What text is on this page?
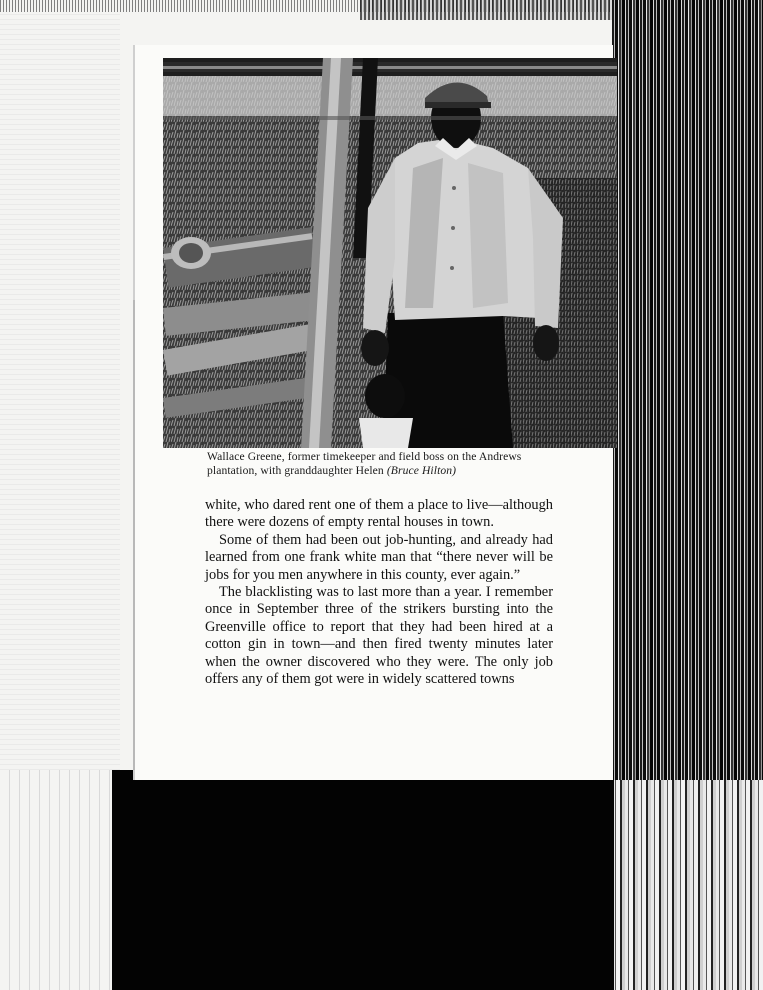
Wallace Greene, former timekeeper and field boss on the Andrews plantation, with granddaughter Helen (Bruce Hilton)

white, who dared rent one of them a place to live—although there were dozens of empty rental houses in town.

Some of them had been out job-hunting, and already had learned from one frank white man that “there never will be jobs for you men anywhere in this county, ever again.”

The blacklisting was to last more than a year. I remember once in September three of the strikers bursting into the Greenville office to report that they had been hired at a cotton gin in town—and then fired twenty minutes later when the owner discovered who they were. The only job offers any of them got were in widely scattered towns
